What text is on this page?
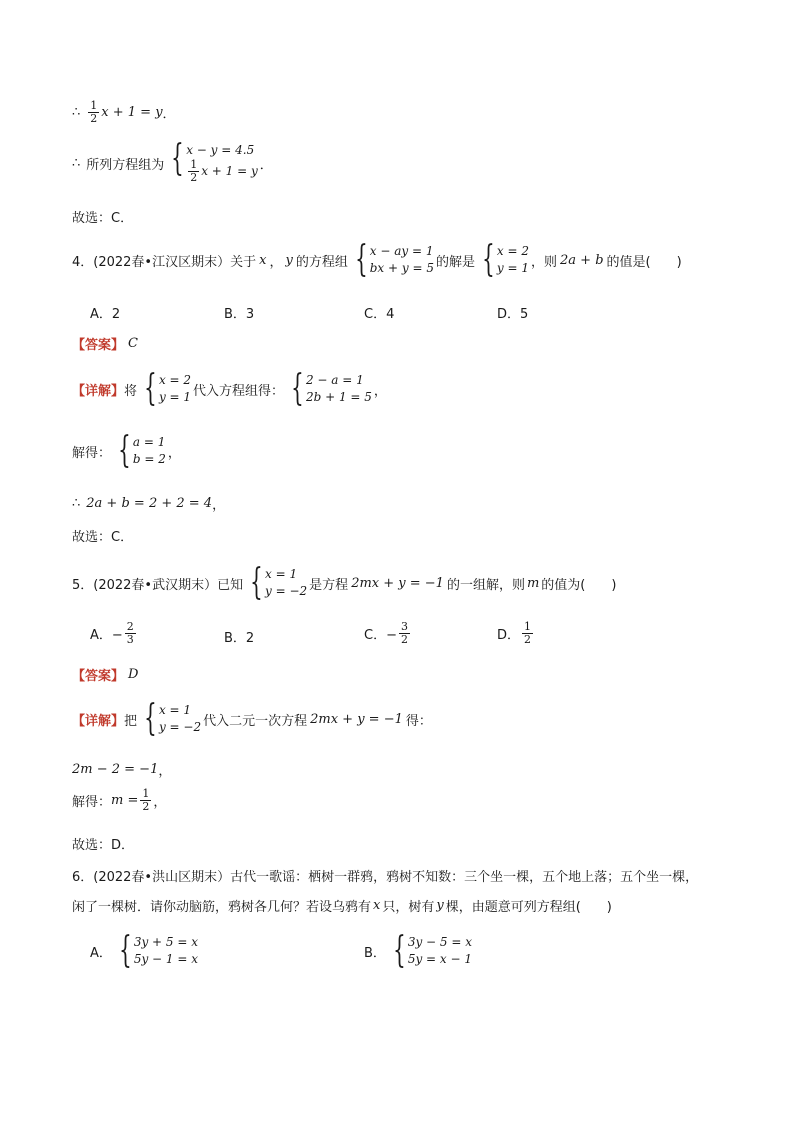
∴ $\frac{1}{2}$ x + 1 = y ．
∴ 所列方程组为 { x − y = 4.5
$\frac{1}{2}$ x + 1 = y ．
故选：C．
4．(2022春•江汉区期末）关于 x ， y 的方程组 { x − ay = 1
bx + y = 5 的解是 { x = 2
y = 1 ，则 2a + b 的值是(　　)
A．2	B．3	C．4	D．5
【答案】 C
【详解】 将 { x = 2
y = 1 代入方程组得： { 2 − a = 1
2b + 1 = 5 ，
解得： { a = 1
b = 2 ，
∴ 2a + b = 2 + 2 = 4 ，
故选：C．
5．(2022春•武汉期末）已知 { x = 1
y = −2 是方程 2mx + y = −1 的一组解，则 m 的值为(　　)
A．− $\frac{2}{3}$	B．2	C．− $\frac{3}{2}$	D． $\frac{1}{2}$
【答案】 D
【详解】 把 { x = 1
y = −2 代入二元一次方程 2mx + y = −1 得：
2m − 2 = −1 ，
解得： $m = \frac{1}{2}$ ，
故选：D．
6．(2022春•洪山区期末）古代一歌谣：栖树一群鸦，鸦树不知数：三个坐一棵，五个地上落；五个坐一棵，
闲了一棵树．请你动脑筋，鸦树各几何？若设乌鸦有 x 只，树有 y 棵，由题意可列方程组(　　)
A． { 3y + 5 = x
5y − 1 = x	B． { 3y − 5 = x
5y = x − 1
